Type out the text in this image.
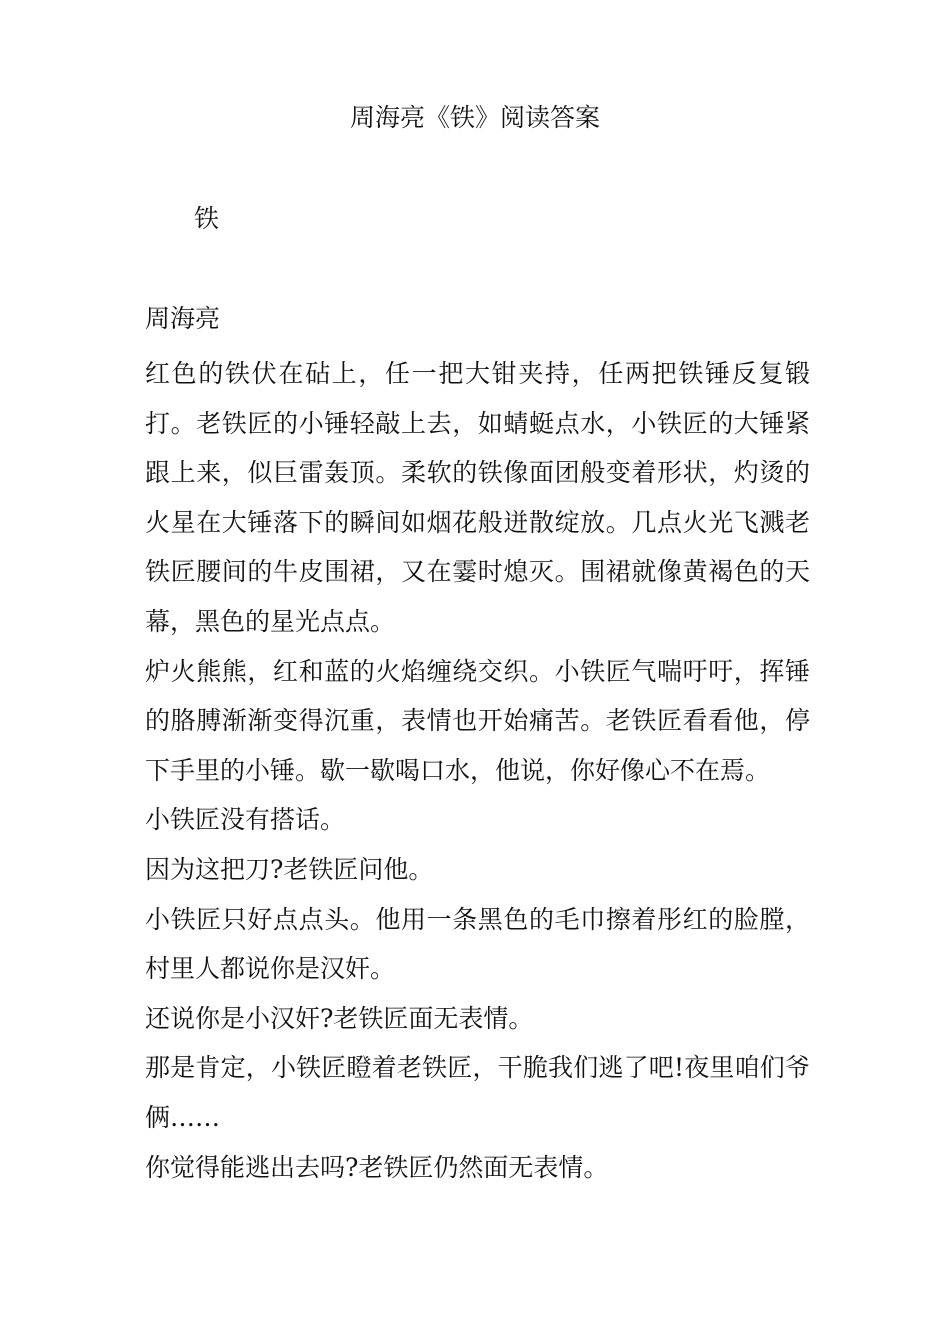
周海亮《铁》阅读答案
铁
周海亮

红色的铁伏在砧上，任一把大钳夹持，任两把铁锤反复锻打。老铁匠的小锤轻敲上去，如蜻蜓点水，小铁匠的大锤紧跟上来，似巨雷轰顶。柔软的铁像面团般变着形状，灼烫的火星在大锤落下的瞬间如烟花般迸散绽放。几点火光飞溅老铁匠腰间的牛皮围裙，又在霎时熄灭。围裙就像黄褐色的天幕，黑色的星光点点。

炉火熊熊，红和蓝的火焰缠绕交织。小铁匠气喘吁吁，挥锤的胳膊渐渐变得沉重，表情也开始痛苦。老铁匠看看他，停下手里的小锤。歇一歇喝口水，他说，你好像心不在焉。

小铁匠没有搭话。

因为这把刀?老铁匠问他。

小铁匠只好点点头。他用一条黑色的毛巾擦着彤红的脸膛，村里人都说你是汉奸。

还说你是小汉奸?老铁匠面无表情。

那是肯定，小铁匠瞪着老铁匠，干脆我们逃了吧!夜里咱们爷俩……

你觉得能逃出去吗?老铁匠仍然面无表情。
